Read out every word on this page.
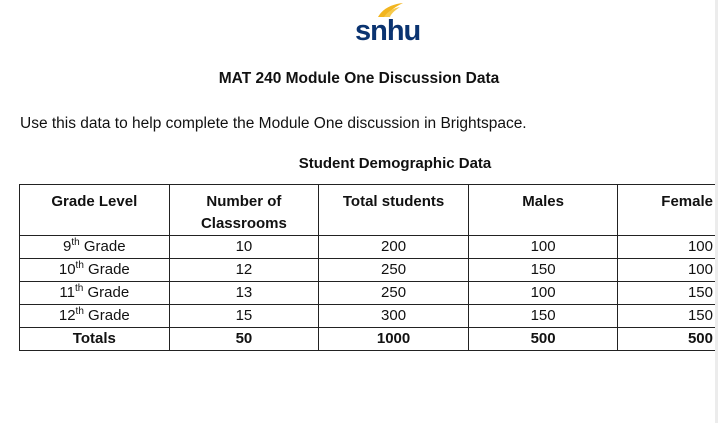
snhu
MAT 240 Module One Discussion Data
Use this data to help complete the Module One discussion in Brightspace.
Student Demographic Data
Grade Level	Number of Classrooms	Total students	Males	Female
9th Grade	10	200	100	100
10th Grade	12	250	150	100
11th Grade	13	250	100	150
12th Grade	15	300	150	150
Totals	50	1000	500	500
